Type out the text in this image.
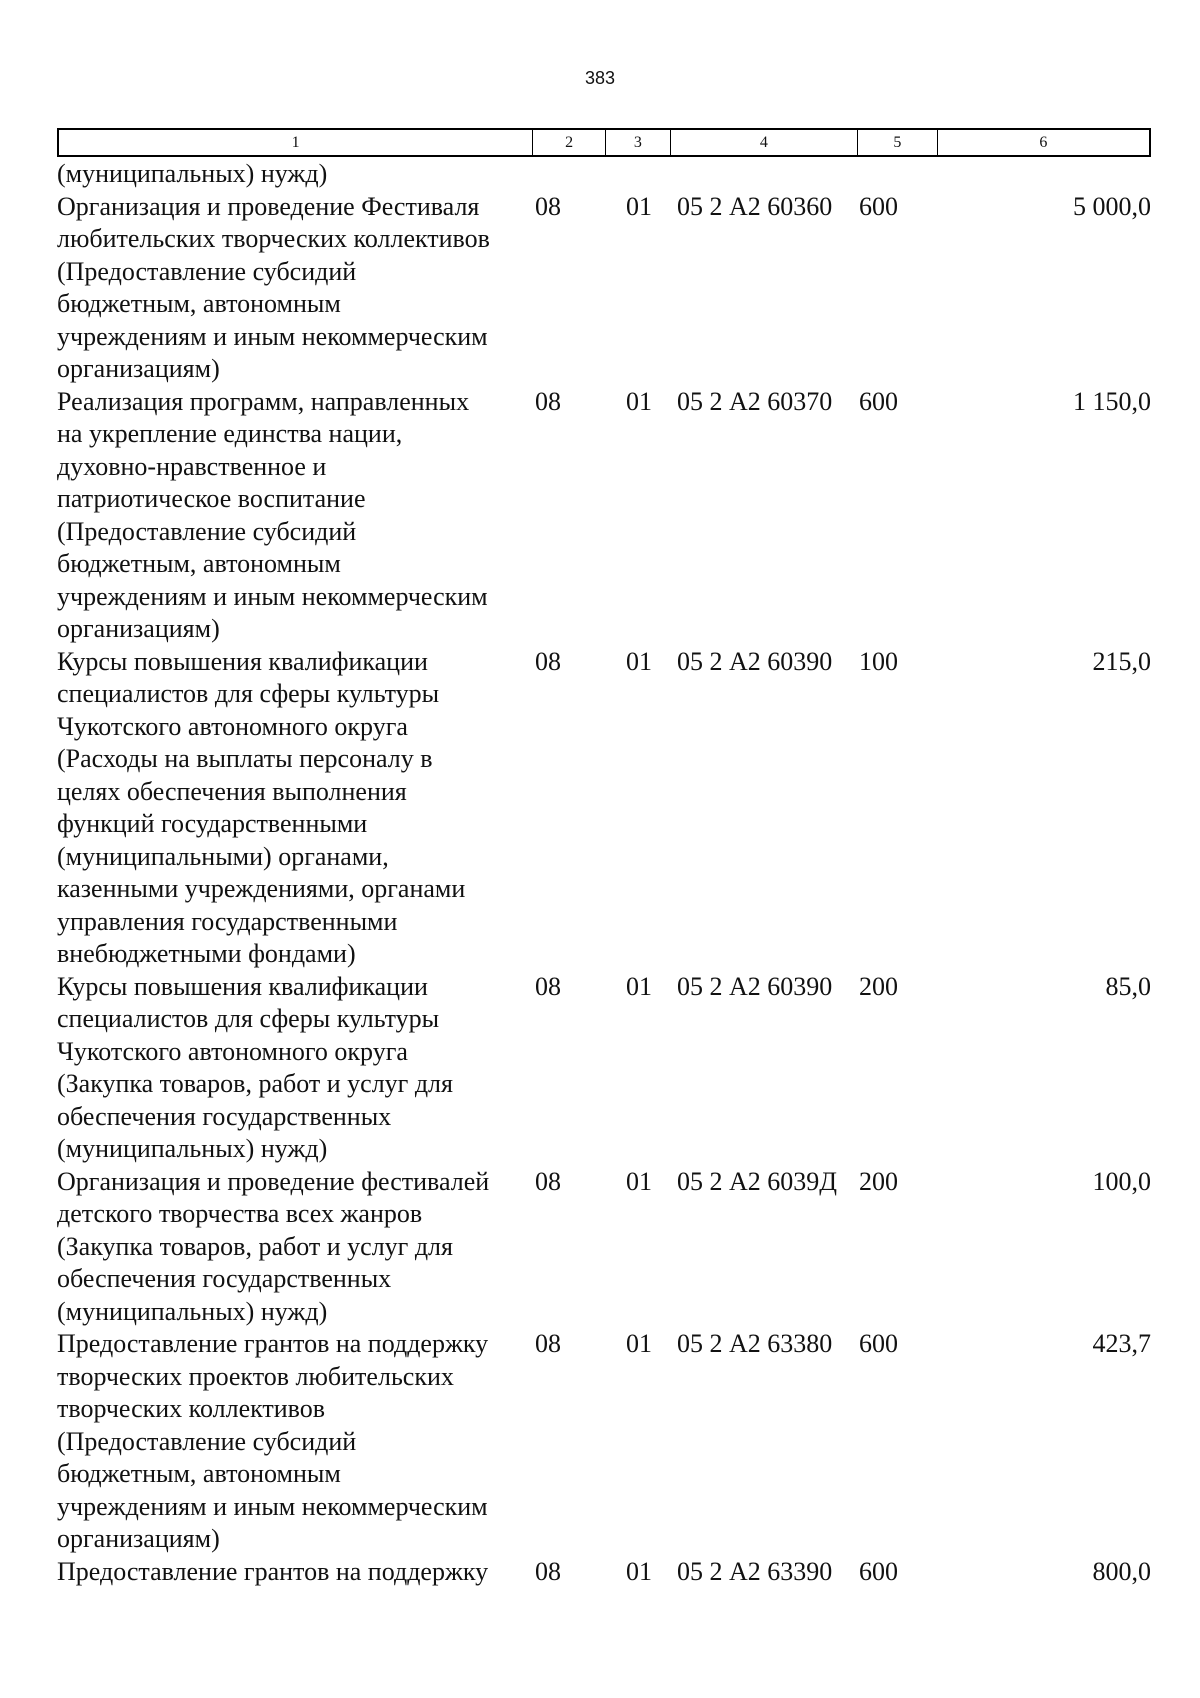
383
1	2	3	4	5	6
(муниципальных) нужд)
Организация и проведение Фестиваля
любительских творческих коллективов
(Предоставление субсидий
бюджетным, автономным
учреждениям и иным некоммерческим
организациям)
08	01 05 2 А2 60360	600	5 000,0
Реализация программ, направленных
на укрепление единства нации,
духовно-нравственное и
патриотическое воспитание
(Предоставление субсидий
бюджетным, автономным
учреждениям и иным некоммерческим
организациям)
08	01 05 2 А2 60370	600	1 150,0
Курсы повышения квалификации
специалистов для сферы культуры
Чукотского автономного округа
(Расходы на выплаты персоналу в
целях обеспечения выполнения
функций государственными
(муниципальными) органами,
казенными учреждениями, органами
управления государственными
внебюджетными фондами)
08	01 05 2 А2 60390	100	215,0
Курсы повышения квалификации
специалистов для сферы культуры
Чукотского автономного округа
(Закупка товаров, работ и услуг для
обеспечения государственных
(муниципальных) нужд)
08	01 05 2 А2 60390	200	85,0
Организация и проведение фестивалей
детского творчества всех жанров
(Закупка товаров, работ и услуг для
обеспечения государственных
(муниципальных) нужд)
08	01 05 2 А2 6039Д 200	100,0
Предоставление грантов на поддержку
творческих проектов любительских
творческих коллективов
(Предоставление субсидий
бюджетным, автономным
учреждениям и иным некоммерческим
организациям)
08	01 05 2 А2 63380	600	423,7
Предоставление грантов на поддержку	08	01 05 2 А2 63390	600	800,0
